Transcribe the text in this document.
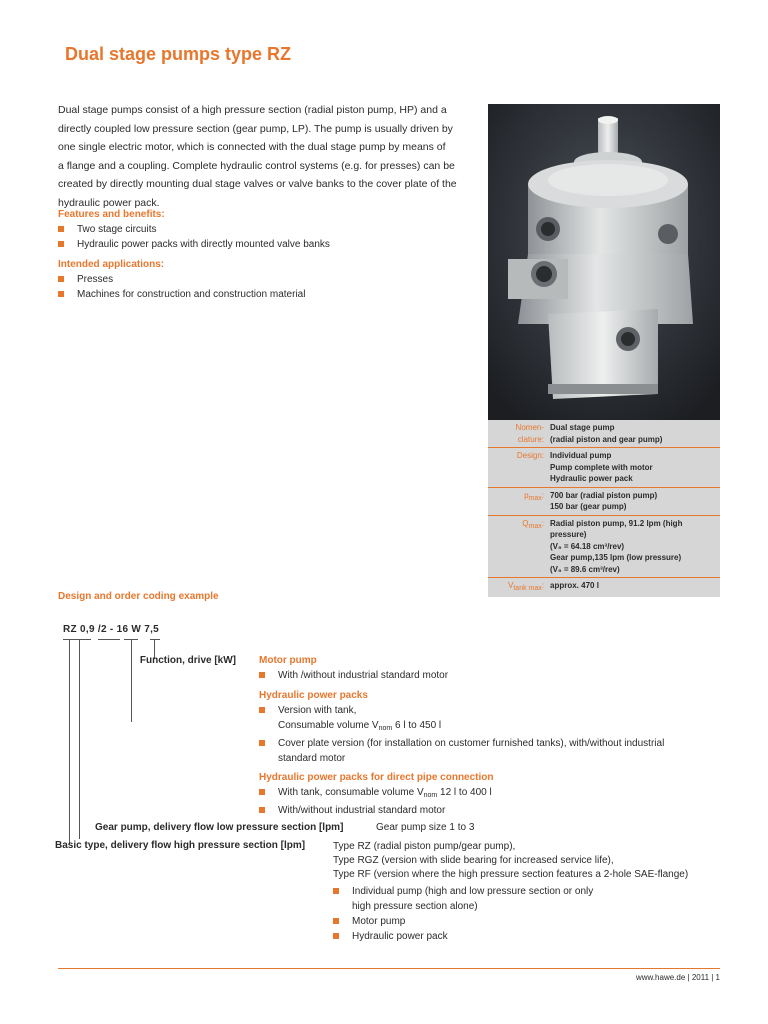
Dual stage pumps type RZ
Dual stage pumps consist of a high pressure section (radial piston pump, HP) and a
directly coupled low pressure section (gear pump, LP). The pump is usually driven by
one single electric motor, which is connected with the dual stage pump by means of
a flange and a coupling. Complete hydraulic control systems (e.g. for presses) can be
created by directly mounting dual stage valves or valve banks to the cover plate of the
hydraulic power pack.
Features and benefits:
Two stage circuits
Hydraulic power packs with directly mounted valve banks
Intended applications:
Presses
Machines for construction and construction material
Nomen-
clature:
Dual stage pump
(radial piston and gear pump)
Design: Individual pump
Pump complete with motor
Hydraulic power pack
pmax: 700 bar (radial piston pump)
150 bar (gear pump)
Qmax: Radial piston pump, 91.2 lpm (high
pressure)
(V₉ = 64.18 cm³/rev)
Gear pump,135 lpm (low pressure)
(V₉ = 89.6 cm³/rev)
Vtank max: approx. 470 l
Design and order coding example
RZ 0,9 /2 - 16 W 7,5
Function, drive [kW] Motor pump
With /without industrial standard motor
Hydraulic power packs
Version with tank,
Consumable volume $V_{nom}$ 6 l to 450 l
Cover plate version (for installation on customer furnished tanks), with/without industrial
standard motor
Hydraulic power packs for direct pipe connection
With tank, consumable volume $V_{nom}$ 12 l to 400 l
With/without industrial standard motor
Gear pump, delivery flow low pressure section [lpm]	Gear pump size 1 to 3
Basic type, delivery flow high pressure section [lpm]	Type RZ (radial piston pump/gear pump),
Type RGZ (version with slide bearing for increased service life),
Type RF (version where the high pressure section features a 2-hole SAE-flange)
Individual pump (high and low pressure section or only
high pressure section alone)
Motor pump
Hydraulic power pack
www.hawe.de | 2011 | 1
